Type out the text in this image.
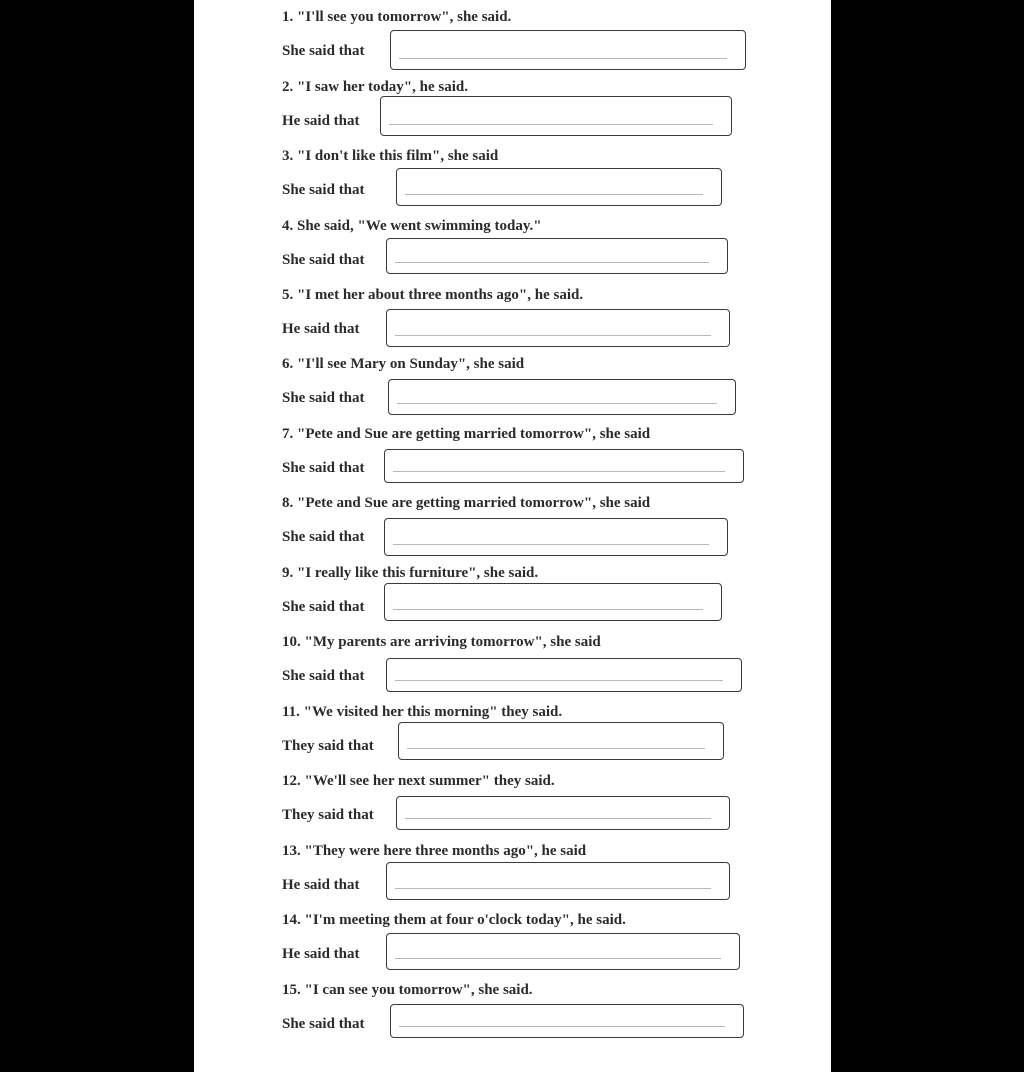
1. "I'll see you tomorrow", she said.
She said that
2. "I saw her today", he said.
He said that
3. "I don't like this film", she said
She said that
4. She said, "We went swimming today."
She said that
5. "I met her about three months ago", he said.
He said that
6. "I'll see Mary on Sunday", she said
She said that
7. "Pete and Sue are getting married tomorrow", she said
She said that
8. "Pete and Sue are getting married tomorrow", she said
She said that
9. "I really like this furniture", she said.
She said that
10. "My parents are arriving tomorrow", she said
She said that
11. "We visited her this morning" they said.
They said that
12. "We'll see her next summer" they said.
They said that
13. "They were here three months ago", he said
He said that
14. "I'm meeting them at four o'clock today", he said.
He said that
15. "I can see you tomorrow", she said.
She said that
